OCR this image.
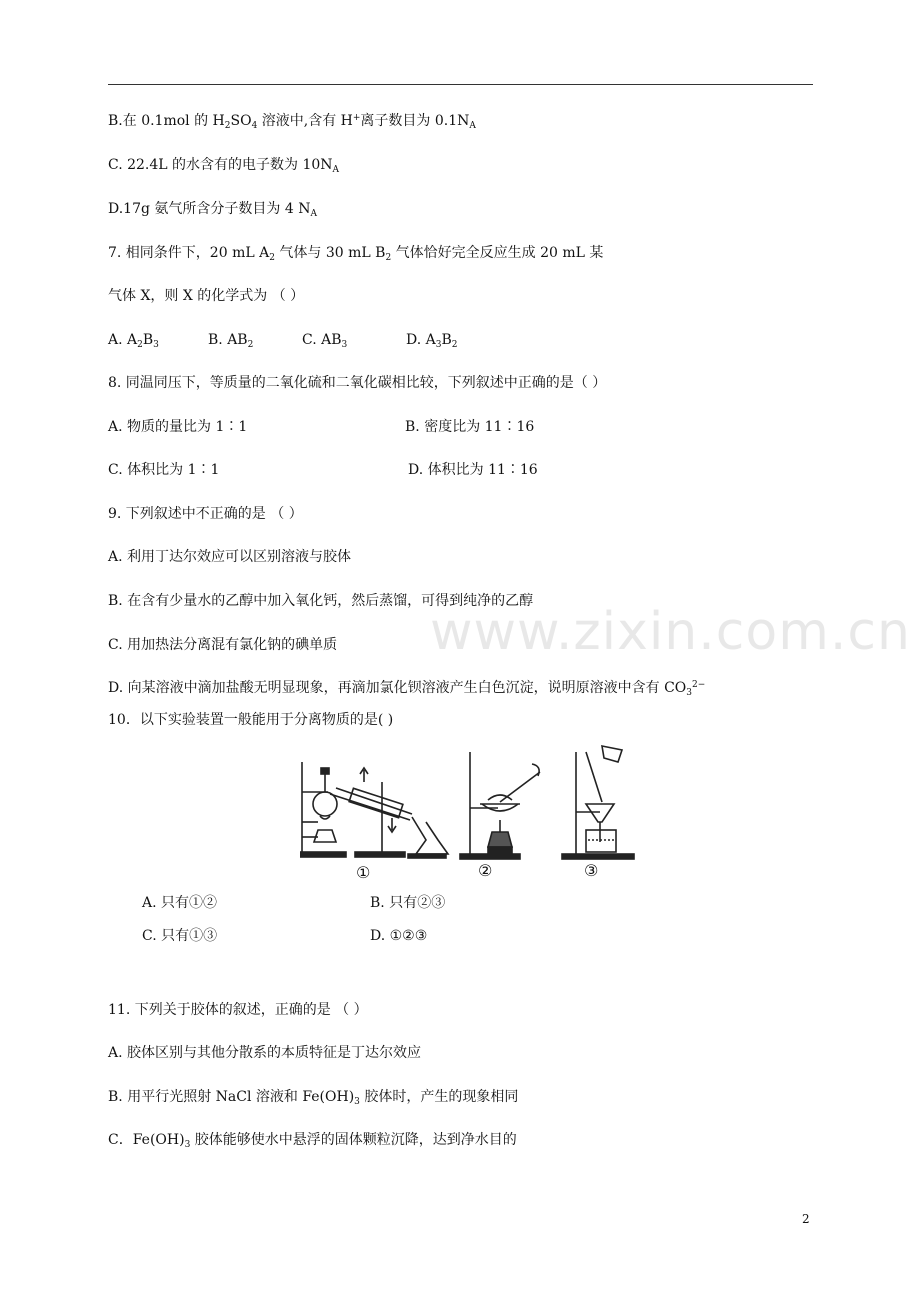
www.zixin.com.cn
B.在 0.1mol 的 $H_2SO_4$ 溶液中,含有 H+离子数目为 $0.1N_A$
C. 22.4L 的水含有的电子数为 $10N_A$
D.17g 氨气所含分子数目为 4 $N_A$
7. 相同条件下，20 mL $A_2$ 气体与 30 mL $B_2$ 气体恰好完全反应生成 20 mL 某
气体 X，则 X 的化学式为 （ ）
A. $A_2B_3$	B. $AB_2$	C. $AB_3$	D. $A_3B_2$
8. 同温同压下，等质量的二氧化硫和二氧化碳相比较，下列叙述中正确的是（ ）
A. 物质的量比为 1∶1	B. 密度比为 11∶16
C. 体积比为 1∶1	D. 体积比为 11∶16
9. 下列叙述中不正确的是 （ ）
A. 利用丁达尔效应可以区别溶液与胶体
B. 在含有少量水的乙醇中加入氧化钙，然后蒸馏，可得到纯净的乙醇
C. 用加热法分离混有氯化钠的碘单质
D. 向某溶液中滴加盐酸无明显现象，再滴加氯化钡溶液产生白色沉淀，说明原溶液中含有 $CO_3^{2-}$
10．以下实验装置一般能用于分离物质的是( )
①	②	③
A. 只有①②	B. 只有②③
C. 只有①③	D. ①②③
11. 下列关于胶体的叙述，正确的是 （ ）
A. 胶体区别与其他分散系的本质特征是丁达尔效应
B. 用平行光照射 NaCl 溶液和 $Fe(OH)_3$ 胶体时，产生的现象相同
C．$Fe(OH)_3$ 胶体能够使水中悬浮的固体颗粒沉降，达到净水目的
2
